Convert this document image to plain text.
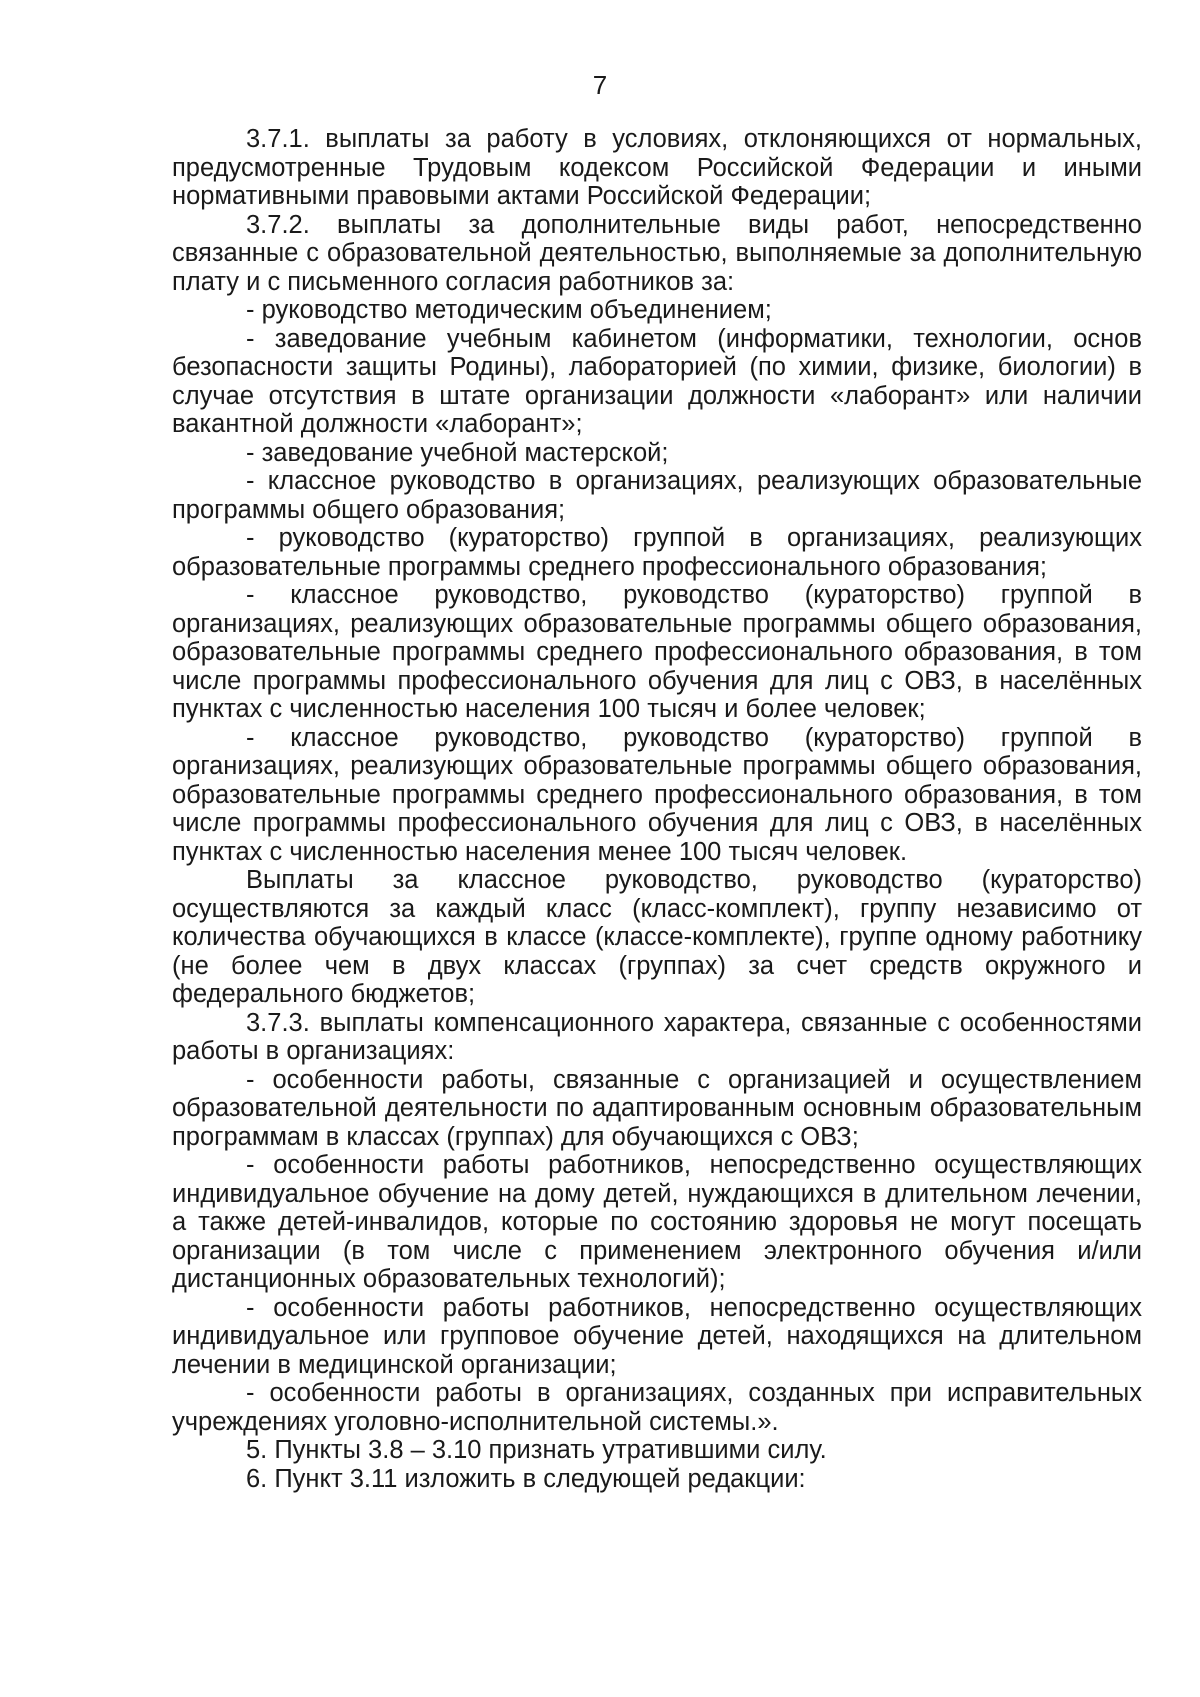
7

3.7.1. выплаты за работу в условиях, отклоняющихся от нормальных, предусмотренные Трудовым кодексом Российской Федерации и иными нормативными правовыми актами Российской Федерации;

3.7.2. выплаты за дополнительные виды работ, непосредственно связанные с образовательной деятельностью, выполняемые за дополнительную плату и с письменного согласия работников за:

- руководство методическим объединением;

- заведование учебным кабинетом (информатики, технологии, основ безопасности защиты Родины), лабораторией (по химии, физике, биологии) в случае отсутствия в штате организации должности «лаборант» или наличии вакантной должности «лаборант»;

- заведование учебной мастерской;

- классное руководство в организациях, реализующих образовательные программы общего образования;

- руководство (кураторство) группой в организациях, реализующих образовательные программы среднего профессионального образования;

- классное руководство, руководство (кураторство) группой в организациях, реализующих образовательные программы общего образования, образовательные программы среднего профессионального образования, в том числе программы профессионального обучения для лиц с ОВЗ, в населённых пунктах с численностью населения 100 тысяч и более человек;

- классное руководство, руководство (кураторство) группой в организациях, реализующих образовательные программы общего образования, образовательные программы среднего профессионального образования, в том числе программы профессионального обучения для лиц с ОВЗ, в населённых пунктах с численностью населения менее 100 тысяч человек.

Выплаты за классное руководство, руководство (кураторство) осуществляются за каждый класс (класс-комплект), группу независимо от количества обучающихся в классе (классе-комплекте), группе одному работнику (не более чем в двух классах (группах) за счет средств окружного и федерального бюджетов;

3.7.3. выплаты компенсационного характера, связанные с особенностями работы в организациях:

- особенности работы, связанные с организацией и осуществлением образовательной деятельности по адаптированным основным образовательным программам в классах (группах) для обучающихся с ОВЗ;

- особенности работы работников, непосредственно осуществляющих индивидуальное обучение на дому детей, нуждающихся в длительном лечении, а также детей-инвалидов, которые по состоянию здоровья не могут посещать организации (в том числе с применением электронного обучения и/или дистанционных образовательных технологий);

- особенности работы работников, непосредственно осуществляющих индивидуальное или групповое обучение детей, находящихся на длительном лечении в медицинской организации;

- особенности работы в организациях, созданных при исправительных учреждениях уголовно-исполнительной системы.».

5. Пункты 3.8 – 3.10 признать утратившими силу.

6. Пункт 3.11 изложить в следующей редакции:
